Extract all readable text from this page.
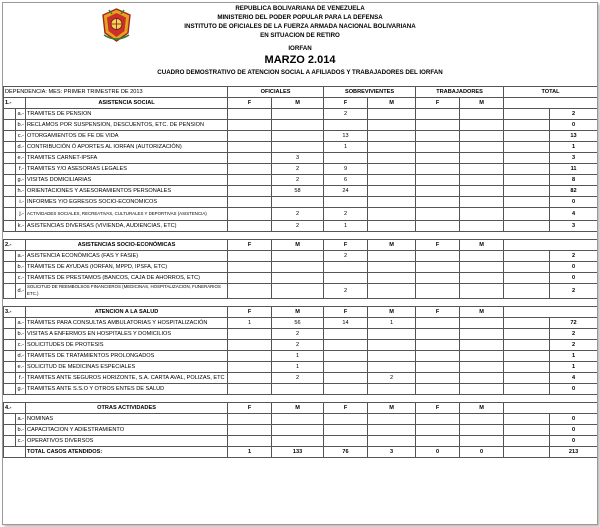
REPUBLICA BOLIVARIANA DE VENEZUELA
MINISTERIO DEL PODER POPULAR PARA LA DEFENSA
INSTITUTO DE OFICIALES DE LA FUERZA ARMADA NACIONAL BOLIVARIANA
EN SITUACION DE RETIRO
IORFAN
MARZO 2.014
CUADRO DEMOSTRATIVO DE ATENCION SOCIAL A AFILIADOS Y TRABAJADORES DEL IORFAN
DEPENDENCIA: MES: PRIMER TRIMESTRE DE 2013			OFICIALES		SOBREVIVIENTES		TRABAJADORES		TOTAL	
1.-		ASISTENCIA SOCIAL	F	M	F	M	F	M		
	a.-	TRAMITES DE PENSION			2					2
	b.-	RECLAMOS POR SUSPENSION, DESCUENTOS, ETC. DE PENSION								0
	c.-	OTORGAMIENTOS DE FE DE VIDA			13					13
	d.-	CONTRIBUCIÓN Ó APORTES AL IORFAN (AUTORIZACIÓN)			1					1
	e.-	TRAMITES CARNET-IPSFA		3						3
	f.-	TRAMITES Y/O ASESORIAS LEGALES		2	9					11
	g.-	VISITAS DOMICILIARIAS		2	6					8
	h.-	ORIENTACIONES Y ASESORAMIENTOS PERSONALES		58	24					82
	i.-	INFORMES Y/O EGRESOS SOCIO-ECONOMICOS								0
	j.-	ACTIVIDADES SOCIALES, RECREATIVAS, CULTURALES Y DEPORTIVAS (ASISTENCIA)		2	2					4
	k.-	ASISTENCIAS DIVERSAS (VIVIENDA, AUDIENCIAS, ETC)		2	1					3

2.-		ASISTENCIAS SOCIO-ECONÓMICAS	F	M	F	M	F	M		
	a.-	ASISTENCIA ECONÓMICAS (FAS Y FASIE)			2					2
	b.-	TRÁMITES DE AYUDAS (IORFAN, MPPD, IPSFA, ETC)								0
	c.-	TRÁMITES DE PRESTAMOS (BANCOS, CAJA DE AHORROS, ETC)								0
	d.-	SOLICITUD DE REEMBOLSOS FINANCIEROS (MEDICINAS, HOSPITALIZACION, FUNERARIOS ETC.)			2					2

3.-		ATENCION A LA SALUD	F	M	F	M	F	M		
	a.-	TRÁMITES PARA CONSULTAS AMBULATORIAS Y HOSPITALIZACIÓN	1	56	14	1				72
	b.-	VISITAS A ENFERMOS EN HOSPITALES Y DOMICILIOS		2						2
	c.-	SOLICITUDES DE PROTESIS		2						2
	d.-	TRAMITES DE TRATAMIENTOS PROLONGADOS		1						1
	e.-	SOLICITUD DE MEDICINAS ESPECIALES		1						1
	f.-	TRAMITES ANTE SEGUROS HORIZONTE, S.A. CARTA AVAL, POLIZAS, ETC		2		2				4
	g.-	TRAMITES ANTE S.S.O Y OTROS ENTES DE SALUD								0

4.-		OTRAS ACTIVIDADES	F	M	F	M	F	M		
	a.-	NOMINAS								0
	b.-	CAPACITACION Y ADIESTRAMIENTO								0
	c.-	OPERATIVOS DIVERSOS								0
		TOTAL CASOS ATENDIDOS:	1	133	76	3	0	0		213
